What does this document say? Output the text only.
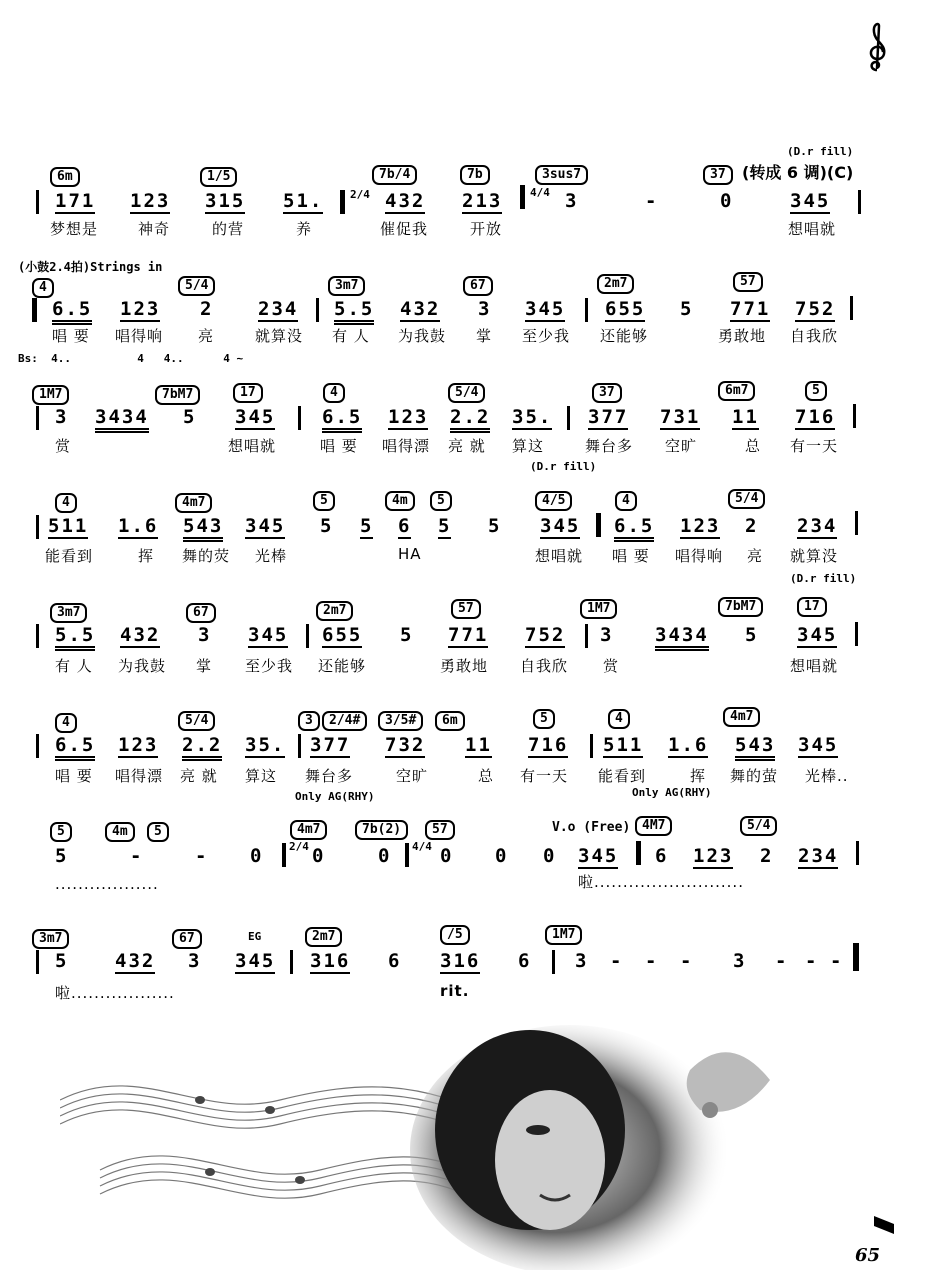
(D.r fill)
6m	1/5	7b/4	7b	3sus7	37	(转成 6 调)(C)
171 123 315 51. 2/4 432 213	4/4 3	-	0	345
梦想是	神奇	的营	养	催促我	开放	想唱就
(小鼓2.4拍)Strings in
4	5/4	3m7	67	2m7	57
6.5 123 2 234 5.5 432 3 345 655 5 771 752
唱 要 唱得响 亮	就算没 有 人 为我鼓 掌 至少我 还能够	勇敢地 自我欣
Bs:  4..          4   4..      4 ~
1M7	7bM7	17	4	5/4	37	6m7	5
3 3434 5 345 6.5 123 2.2 35. 377 731 11 716
赏	想唱就	唱 要 唱得漂 亮 就 算这	舞台多 空旷	总 有一天
(D.r fill)
4	4m7	5	4m	5	4/5	4	5/4
511 1.6 543 345 5 5 6 5 5 345 6.5 123 2 234
能看到	挥 舞的荧 光棒	HA	想唱就 唱 要 唱得响 亮 就算没
(D.r fill)
3m7	67	2m7	57	1M7	7bM7	17
5.5 432 3 345 655 5 771 752 3 3434 5 345
有 人 为我鼓 掌 至少我 还能够	勇敢地 自我欣 赏	想唱就
4	5/4	3	2/4#	3/5#	6m	5	4	4m7
6.5 123 2.2 35. 377 732 11 716 511 1.6 543 345
唱 要 唱得漂 亮 就 算这 舞台多	空旷	总 有一天 能看到	挥 舞的萤 光棒..
Only AG(RHY)	Only AG(RHY)
5	4m	5	4m7	7b(2)	57	V.o (Free) 4M7	5/4
5	-	- 0 2/4 0	0 4/4 0 0 0 345 6 123 2 234
..................	啦..........................
EG
3m7	67	2m7	/5	1M7
5 432 3 345 316 6 316 6 3 - - - 3 - - -
啦..................	rit.
65
